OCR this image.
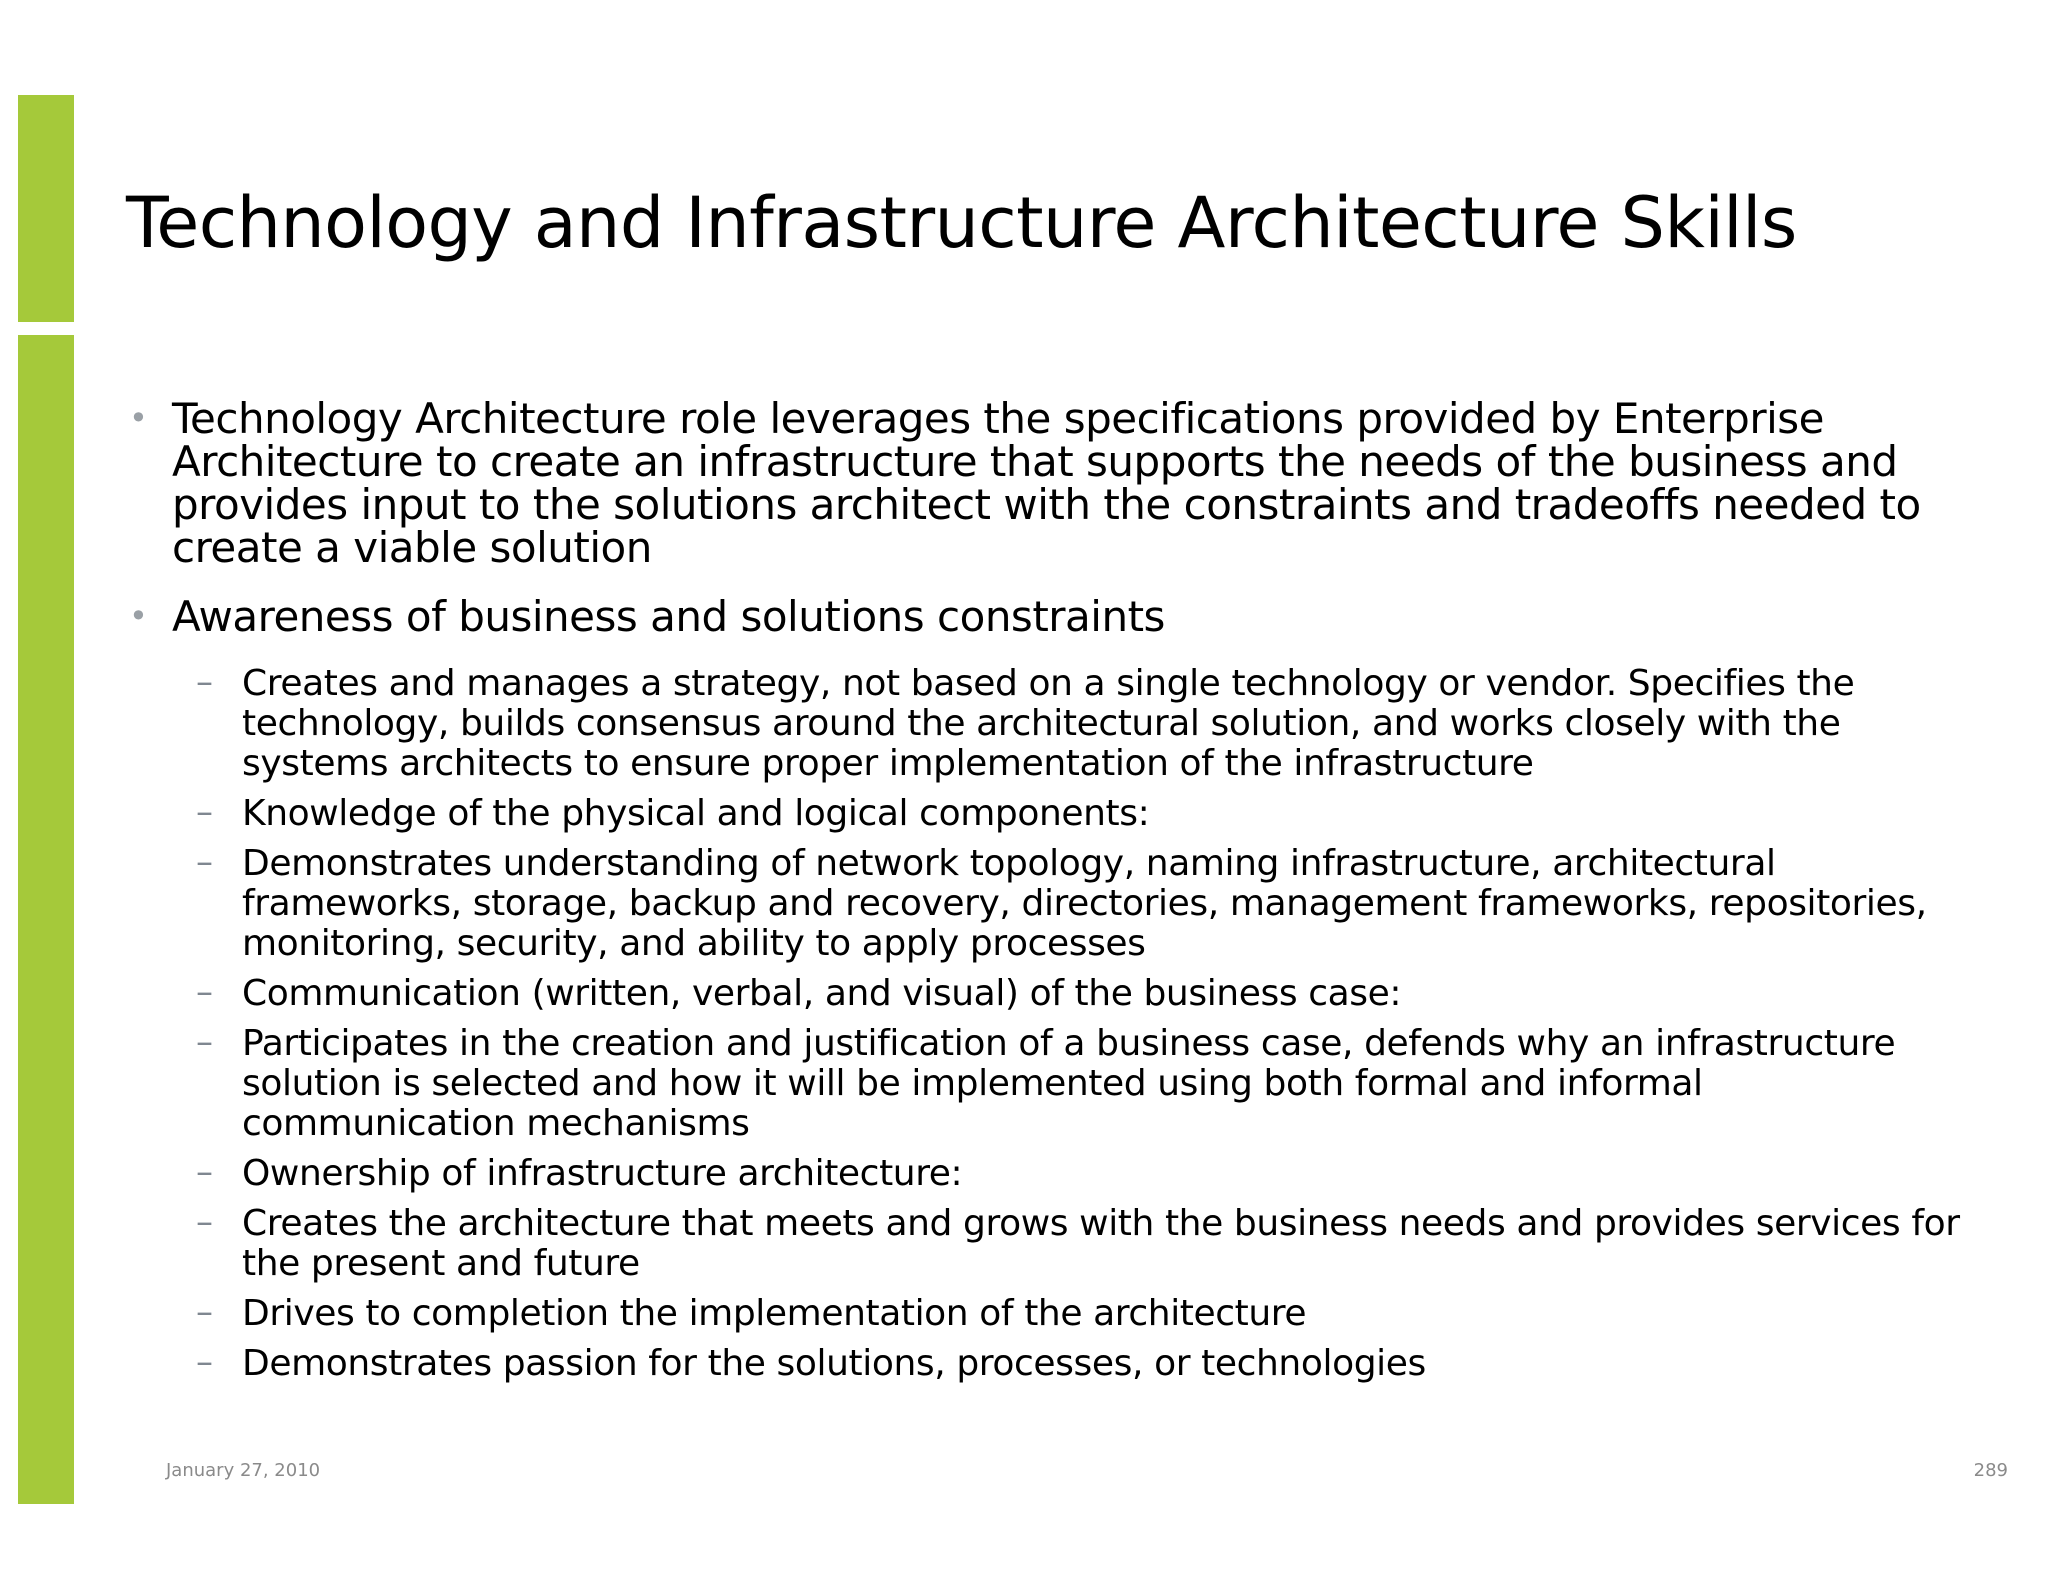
Technology and Infrastructure Architecture Skills
• Technology Architecture role leverages the specifications provided by Enterprise Architecture to create an infrastructure that supports the needs of the business and provides input to the solutions architect with the constraints and tradeoffs needed to create a viable solution
• Awareness of business and solutions constraints
– Creates and manages a strategy, not based on a single technology or vendor. Specifies the technology, builds consensus around the architectural solution, and works closely with the systems architects to ensure proper implementation of the infrastructure
– Knowledge of the physical and logical components:
– Demonstrates understanding of network topology, naming infrastructure, architectural frameworks, storage, backup and recovery, directories, management frameworks, repositories, monitoring, security, and ability to apply processes
– Communication (written, verbal, and visual) of the business case:
– Participates in the creation and justification of a business case, defends why an infrastructure solution is selected and how it will be implemented using both formal and informal communication mechanisms
– Ownership of infrastructure architecture:
– Creates the architecture that meets and grows with the business needs and provides services for the present and future
– Drives to completion the implementation of the architecture
– Demonstrates passion for the solutions, processes, or technologies
January 27, 2010	289
